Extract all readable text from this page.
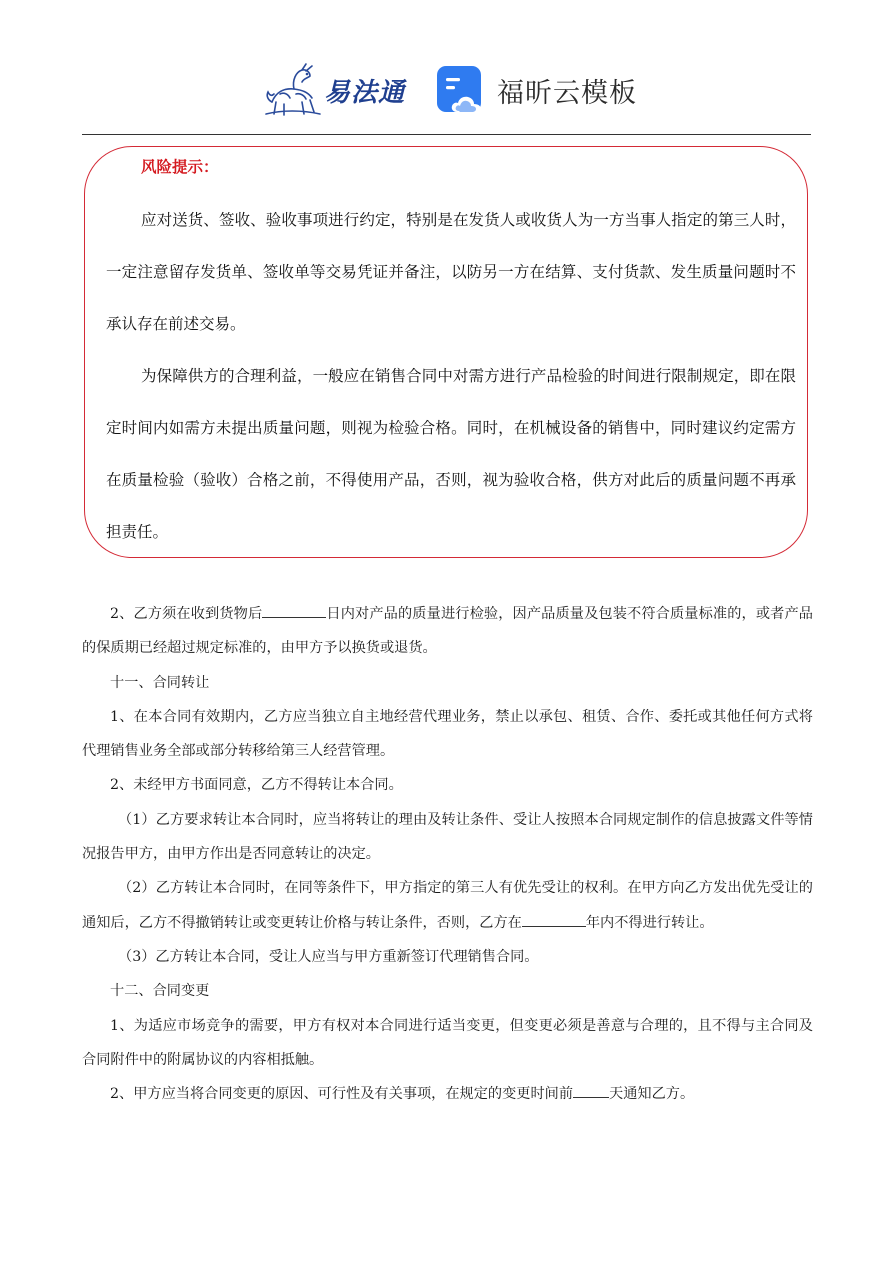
易法通	福昕云模板
风险提示：

应对送货、签收、验收事项进行约定，特别是在发货人或收货人为一方当事人指定的第三人时，一定注意留存发货单、签收单等交易凭证并备注，以防另一方在结算、支付货款、发生质量问题时不承认存在前述交易。

为保障供方的合理利益，一般应在销售合同中对需方进行产品检验的时间进行限制规定，即在限定时间内如需方未提出质量问题，则视为检验合格。同时，在机械设备的销售中，同时建议约定需方在质量检验（验收）合格之前，不得使用产品，否则，视为验收合格，供方对此后的质量问题不再承担责任。

2、乙方须在收到货物后	日内对产品的质量进行检验，因产品质量及包装不符合质量标准的，或者产品的保质期已经超过规定标准的，由甲方予以换货或退货。

十一、合同转让

1、在本合同有效期内，乙方应当独立自主地经营代理业务，禁止以承包、租赁、合作、委托或其他任何方式将代理销售业务全部或部分转移给第三人经营管理。

2、未经甲方书面同意，乙方不得转让本合同。

（1）乙方要求转让本合同时，应当将转让的理由及转让条件、受让人按照本合同规定制作的信息披露文件等情况报告甲方，由甲方作出是否同意转让的决定。

（2）乙方转让本合同时，在同等条件下，甲方指定的第三人有优先受让的权利。在甲方向乙方发出优先受让的通知后，乙方不得撤销转让或变更转让价格与转让条件，否则，乙方在	年内不得进行转让。

（3）乙方转让本合同，受让人应当与甲方重新签订代理销售合同。

十二、合同变更

1、为适应市场竞争的需要，甲方有权对本合同进行适当变更，但变更必须是善意与合理的，且不得与主合同及合同附件中的附属协议的内容相抵触。

2、甲方应当将合同变更的原因、可行性及有关事项，在规定的变更时间前	天通知乙方。
